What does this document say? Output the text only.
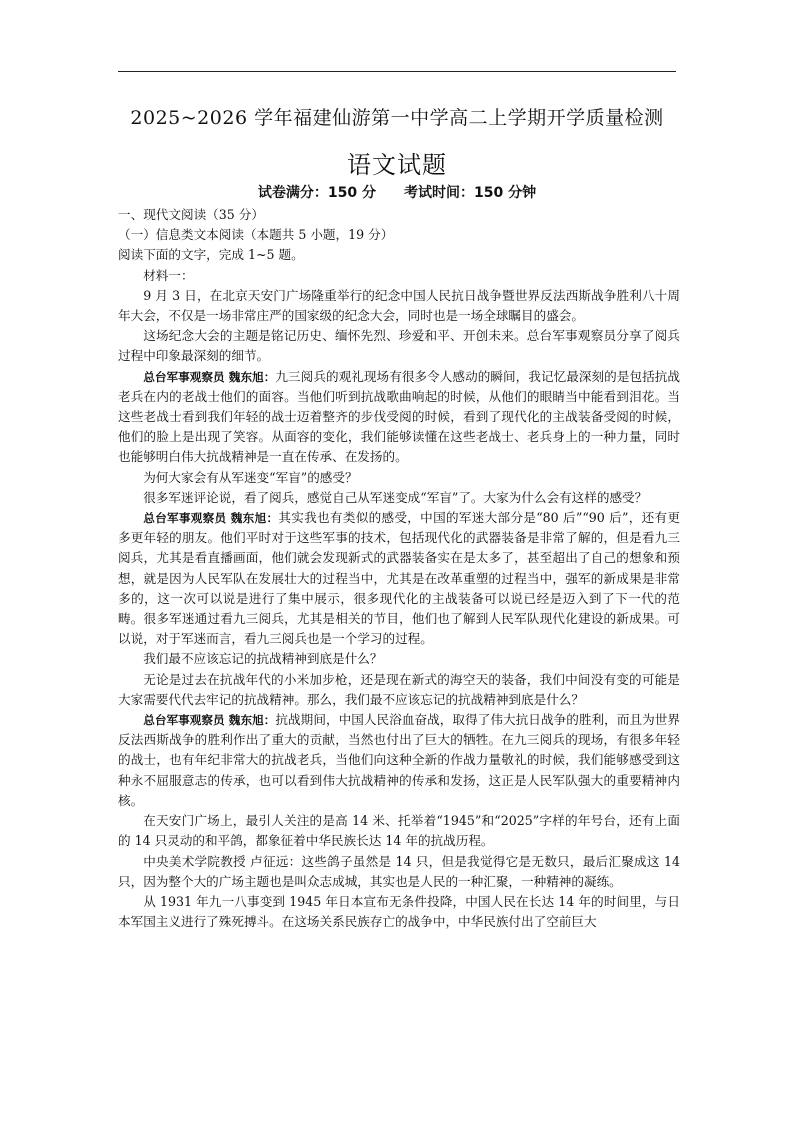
2025~2026 学年福建仙游第一中学高二上学期开学质量检测
语文试题
试卷满分：150 分　　考试时间：150 分钟

一、现代文阅读（35 分）

（一）信息类文本阅读（本题共 5 小题，19 分）

阅读下面的文字，完成 1~5 题。

材料一：

9 月 3 日，在北京天安门广场隆重举行的纪念中国人民抗日战争暨世界反法西斯战争胜利八十周年大会，不仅是一场非常庄严的国家级的纪念大会，同时也是一场全球瞩目的盛会。

这场纪念大会的主题是铭记历史、缅怀先烈、珍爱和平、开创未来。总台军事观察员分享了阅兵过程中印象最深刻的细节。

总台军事观察员 魏东旭：九三阅兵的观礼现场有很多令人感动的瞬间，我记忆最深刻的是包括抗战老兵在内的老战士他们的面容。当他们听到抗战歌曲响起的时候，从他们的眼睛当中能看到泪花。当这些老战士看到我们年轻的战士迈着整齐的步伐受阅的时候，看到了现代化的主战装备受阅的时候，他们的脸上是出现了笑容。从面容的变化，我们能够读懂在这些老战士、老兵身上的一种力量，同时也能够明白伟大抗战精神是一直在传承、在发扬的。

为何大家会有从军迷变“军盲”的感受？

很多军迷评论说，看了阅兵，感觉自己从军迷变成“军盲”了。大家为什么会有这样的感受？

总台军事观察员 魏东旭：其实我也有类似的感受，中国的军迷大部分是“80 后”“90 后”，还有更多更年轻的朋友。他们平时对于这些军事的技术，包括现代化的武器装备是非常了解的，但是看九三阅兵，尤其是看直播画面，他们就会发现新式的武器装备实在是太多了，甚至超出了自己的想象和预想，就是因为人民军队在发展壮大的过程当中，尤其是在改革重塑的过程当中，强军的新成果是非常多的，这一次可以说是进行了集中展示，很多现代化的主战装备可以说已经是迈入到了下一代的范畴。很多军迷通过看九三阅兵，尤其是相关的节目，他们也了解到人民军队现代化建设的新成果。可以说，对于军迷而言，看九三阅兵也是一个学习的过程。

我们最不应该忘记的抗战精神到底是什么？

无论是过去在抗战年代的小米加步枪，还是现在新式的海空天的装备，我们中间没有变的可能是大家需要代代去牢记的抗战精神。那么，我们最不应该忘记的抗战精神到底是什么？

总台军事观察员 魏东旭：抗战期间，中国人民浴血奋战，取得了伟大抗日战争的胜利，而且为世界反法西斯战争的胜利作出了重大的贡献，当然也付出了巨大的牺牲。在九三阅兵的现场，有很多年轻的战士，也有年纪非常大的抗战老兵，当他们向这种全新的作战力量敬礼的时候，我们能够感受到这种永不屈服意志的传承，也可以看到伟大抗战精神的传承和发扬，这正是人民军队强大的重要精神内核。

在天安门广场上，最引人关注的是高 14 米、托举着“1945”和“2025”字样的年号台，还有上面的 14 只灵动的和平鸽，都象征着中华民族长达 14 年的抗战历程。

中央美术学院教授 卢征远：这些鸽子虽然是 14 只，但是我觉得它是无数只，最后汇聚成这 14 只，因为整个大的广场主题也是叫众志成城，其实也是人民的一种汇聚，一种精神的凝练。

从 1931 年九一八事变到 1945 年日本宣布无条件投降，中国人民在长达 14 年的时间里，与日本军国主义进行了殊死搏斗。在这场关系民族存亡的战争中，中华民族付出了空前巨大
